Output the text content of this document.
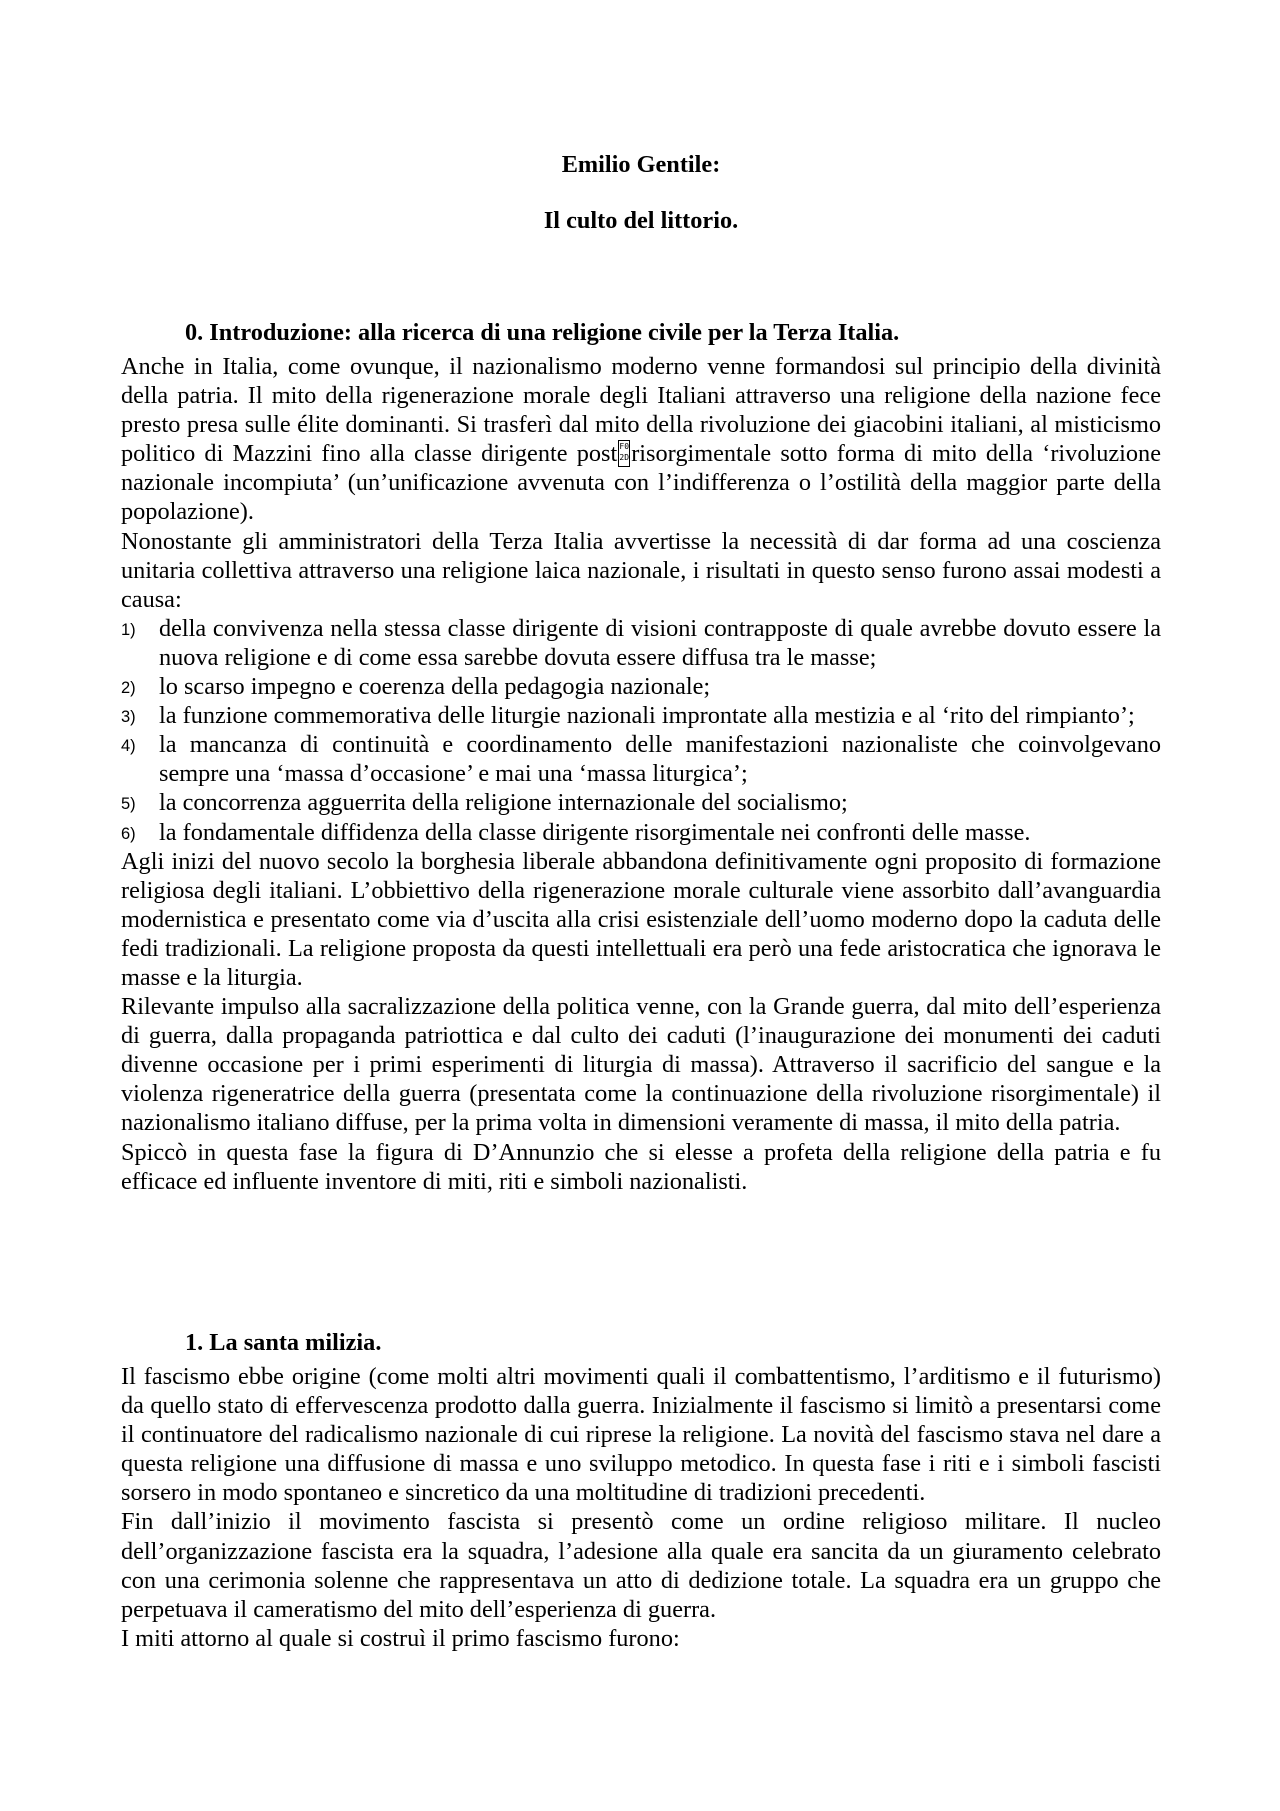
Emilio Gentile:
Il culto del littorio.
0. Introduzione: alla ricerca di una religione civile per la Terza Italia.

Anche in Italia, come ovunque, il nazionalismo moderno venne formandosi sul principio della divinità della patria. Il mito della rigenerazione morale degli Italiani attraverso una religione della nazione fece presto presa sulle élite dominanti. Si trasferì dal mito della rivoluzione dei giacobini italiani, al misticismo politico di Mazzini fino alla classe dirigente post F0 2Drisorgimentale sotto forma di mito della ‘rivoluzione nazionale incompiuta’ (un’unificazione avvenuta con l’indifferenza o l’ostilità della maggior parte della popolazione).

Nonostante gli amministratori della Terza Italia avvertisse la necessità di dar forma ad una coscienza unitaria collettiva attraverso una religione laica nazionale, i risultati in questo senso furono assai modesti a causa:

1) della convivenza nella stessa classe dirigente di visioni contrapposte di quale avrebbe dovuto essere la nuova religione e di come essa sarebbe dovuta essere diffusa tra le masse;
2) lo scarso impegno e coerenza della pedagogia nazionale;
3) la funzione commemorativa delle liturgie nazionali improntate alla mestizia e al ‘rito del rimpianto’;
4) la mancanza di continuità e coordinamento delle manifestazioni nazionaliste che coinvolgevano sempre una ‘massa d’occasione’ e mai una ‘massa liturgica’;
5) la concorrenza agguerrita della religione internazionale del socialismo;
6) la fondamentale diffidenza della classe dirigente risorgimentale nei confronti delle masse.

Agli inizi del nuovo secolo la borghesia liberale abbandona definitivamente ogni proposito di formazione religiosa degli italiani. L’obbiettivo della rigenerazione morale culturale viene assorbito dall’avanguardia modernistica e presentato come via d’uscita alla crisi esistenziale dell’uomo moderno dopo la caduta delle fedi tradizionali. La religione proposta da questi intellettuali era però una fede aristocratica che ignorava le masse e la liturgia.

Rilevante impulso alla sacralizzazione della politica venne, con la Grande guerra, dal mito dell’esperienza di guerra, dalla propaganda patriottica e dal culto dei caduti (l’inaugurazione dei monumenti dei caduti divenne occasione per i primi esperimenti di liturgia di massa). Attraverso il sacrificio del sangue e la violenza rigeneratrice della guerra (presentata come la continuazione della rivoluzione risorgimentale) il nazionalismo italiano diffuse, per la prima volta in dimensioni veramente di massa, il mito della patria.

Spiccò in questa fase la figura di D’Annunzio che si elesse a profeta della religione della patria e fu efficace ed influente inventore di miti, riti e simboli nazionalisti.

1. La santa milizia.

Il fascismo ebbe origine (come molti altri movimenti quali il combattentismo, l’arditismo e il futurismo) da quello stato di effervescenza prodotto dalla guerra. Inizialmente il fascismo si limitò a presentarsi come il continuatore del radicalismo nazionale di cui riprese la religione. La novità del fascismo stava nel dare a questa religione una diffusione di massa e uno sviluppo metodico. In questa fase i riti e i simboli fascisti sorsero in modo spontaneo e sincretico da una moltitudine di tradizioni precedenti.

Fin dall’inizio il movimento fascista si presentò come un ordine religioso militare. Il nucleo dell’organizzazione fascista era la squadra, l’adesione alla quale era sancita da un giuramento celebrato con una cerimonia solenne che rappresentava un atto di dedizione totale. La squadra era un gruppo che perpetuava il cameratismo del mito dell’esperienza di guerra.

I miti attorno al quale si costruì il primo fascismo furono:
